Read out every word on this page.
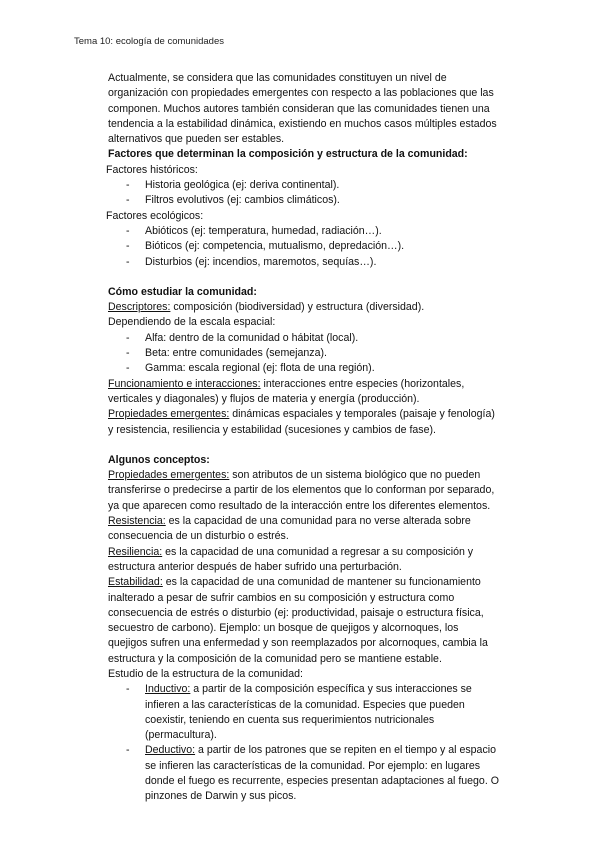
Tema 10: ecología de comunidades

Actualmente, se considera que las comunidades constituyen un nivel de organización con propiedades emergentes con respecto a las poblaciones que las componen. Muchos autores también consideran que las comunidades tienen una tendencia a la estabilidad dinámica, existiendo en muchos casos múltiples estados alternativos que pueden ser estables.

Factores que determinan la composición y estructura de la comunidad:

Factores históricos:

- Historia geológica (ej: deriva continental).

- Filtros evolutivos (ej: cambios climáticos).

Factores ecológicos:

- Abióticos (ej: temperatura, humedad, radiación…).

- Bióticos (ej: competencia, mutualismo, depredación…).

- Disturbios (ej: incendios, maremotos, sequías…).

Cómo estudiar la comunidad:

Descriptores: composición (biodiversidad) y estructura (diversidad).

Dependiendo de la escala espacial:

- Alfa: dentro de la comunidad o hábitat (local).

- Beta: entre comunidades (semejanza).

- Gamma: escala regional (ej: flota de una región).

Funcionamiento e interacciones: interacciones entre especies (horizontales, verticales y diagonales) y flujos de materia y energía (producción).

Propiedades emergentes: dinámicas espaciales y temporales (paisaje y fenología) y resistencia, resiliencia y estabilidad (sucesiones y cambios de fase).

Algunos conceptos:

Propiedades emergentes: son atributos de un sistema biológico que no pueden transferirse o predecirse a partir de los elementos que lo conforman por separado, ya que aparecen como resultado de la interacción entre los diferentes elementos.

Resistencia: es la capacidad de una comunidad para no verse alterada sobre consecuencia de un disturbio o estrés.

Resiliencia: es la capacidad de una comunidad a regresar a su composición y estructura anterior después de haber sufrido una perturbación.

Estabilidad: es la capacidad de una comunidad de mantener su funcionamiento inalterado a pesar de sufrir cambios en su composición y estructura como consecuencia de estrés o disturbio (ej: productividad, paisaje o estructura física, secuestro de carbono). Ejemplo: un bosque de quejigos y alcornoques, los quejigos sufren una enfermedad y son reemplazados por alcornoques, cambia la estructura y la composición de la comunidad pero se mantiene estable.

Estudio de la estructura de la comunidad:

- Inductivo: a partir de la composición específica y sus interacciones se infieren a las características de la comunidad. Especies que pueden coexistir, teniendo en cuenta sus requerimientos nutricionales (permacultura).

- Deductivo: a partir de los patrones que se repiten en el tiempo y al espacio se infieren las características de la comunidad. Por ejemplo: en lugares donde el fuego es recurrente, especies presentan adaptaciones al fuego. O pinzones de Darwin y sus picos.
